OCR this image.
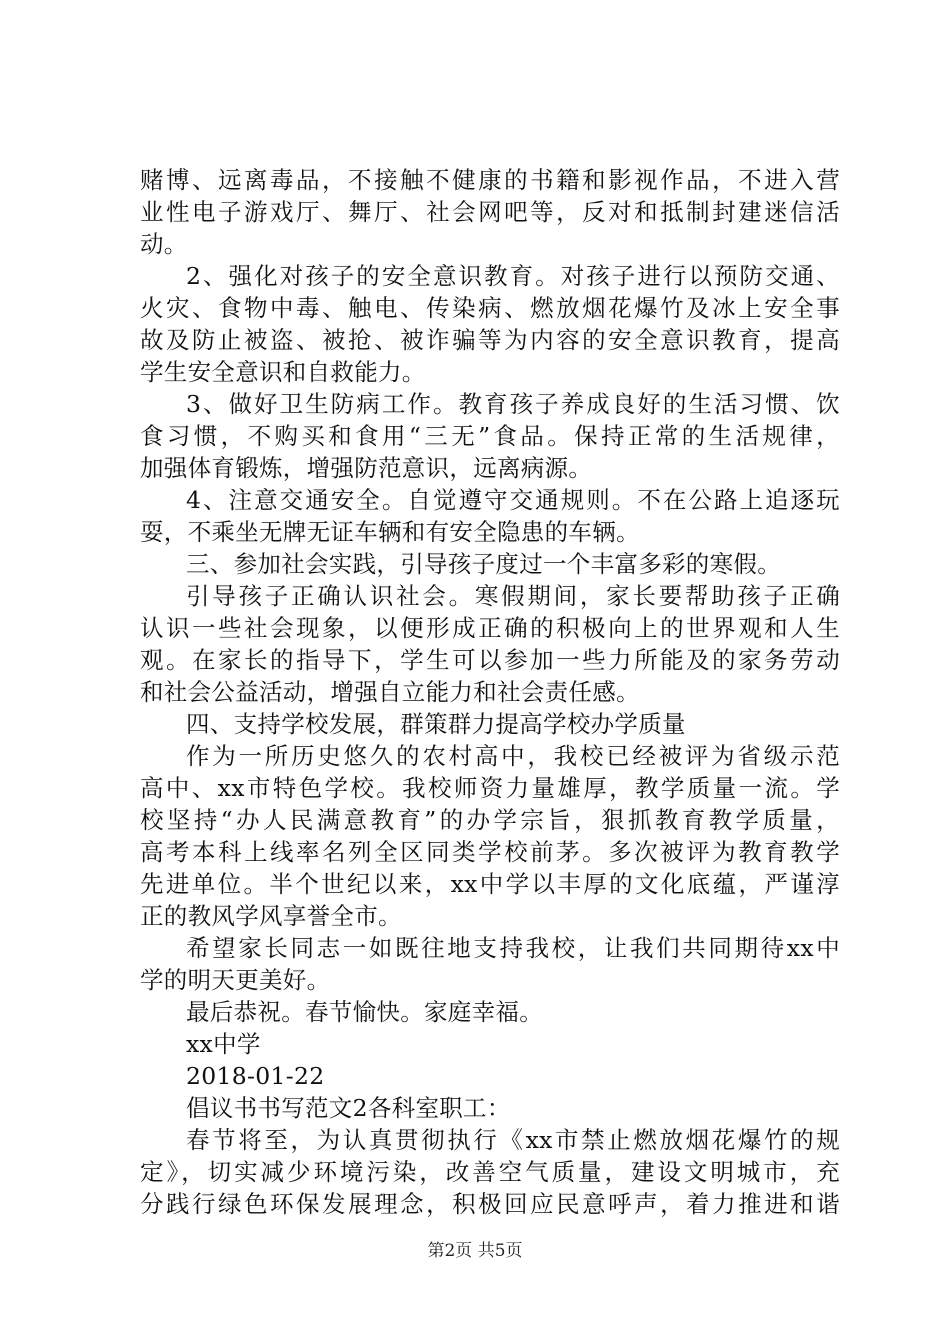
赌博、远离毒品，不接触不健康的书籍和影视作品，不进入营
业性电子游戏厅、舞厅、社会网吧等，反对和抵制封建迷信活
动。
2、强化对孩子的安全意识教育。对孩子进行以预防交通、
火灾、食物中毒、触电、传染病、燃放烟花爆竹及冰上安全事
故及防止被盗、被抢、被诈骗等为内容的安全意识教育，提高
学生安全意识和自救能力。
3、做好卫生防病工作。教育孩子养成良好的生活习惯、饮
食习惯，不购买和食用“三无”食品。保持正常的生活规律，
加强体育锻炼，增强防范意识，远离病源。
4、注意交通安全。自觉遵守交通规则。不在公路上追逐玩
耍，不乘坐无牌无证车辆和有安全隐患的车辆。
三、参加社会实践，引导孩子度过一个丰富多彩的寒假。
引导孩子正确认识社会。寒假期间，家长要帮助孩子正确
认识一些社会现象，以便形成正确的积极向上的世界观和人生
观。在家长的指导下，学生可以参加一些力所能及的家务劳动
和社会公益活动，增强自立能力和社会责任感。
四、支持学校发展，群策群力提高学校办学质量
作为一所历史悠久的农村高中，我校已经被评为省级示范
高中、xx市特色学校。我校师资力量雄厚，教学质量一流。学
校坚持“办人民满意教育”的办学宗旨，狠抓教育教学质量，
高考本科上线率名列全区同类学校前茅。多次被评为教育教学
先进单位。半个世纪以来，xx中学以丰厚的文化底蕴，严谨淳
正的教风学风享誉全市。
希望家长同志一如既往地支持我校，让我们共同期待xx中
学的明天更美好。
最后恭祝。春节愉快。家庭幸福。
xx中学
2018-01-22
倡议书书写范文2各科室职工：
春节将至，为认真贯彻执行《xx市禁止燃放烟花爆竹的规
定》，切实减少环境污染，改善空气质量，建设文明城市，充
分践行绿色环保发展理念，积极回应民意呼声，着力推进和谐
第2页 共5页
